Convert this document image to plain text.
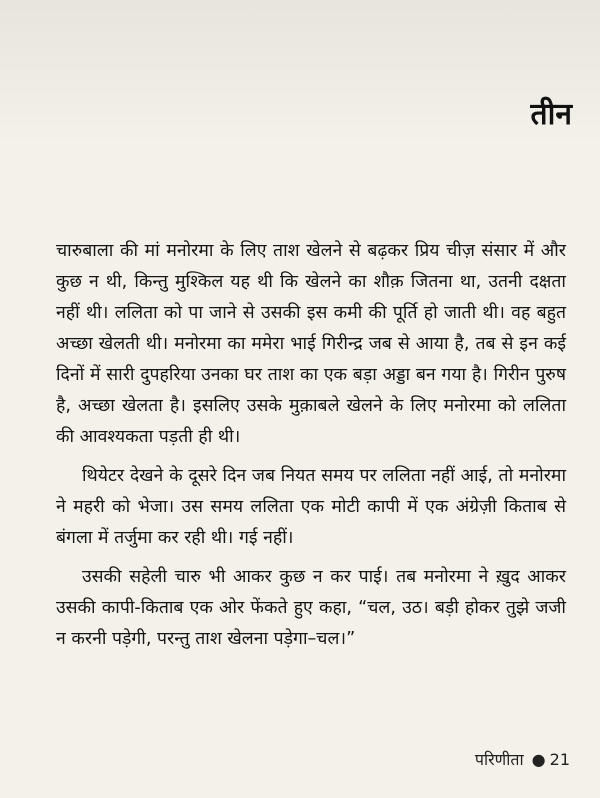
तीन

चारुबाला की मां मनोरमा के लिए ताश खेलने से बढ़कर प्रिय चीज़ संसार में और कुछ न थी, किन्तु मुश्किल यह थी कि खेलने का शौक़ जितना था, उतनी दक्षता नहीं थी। ललिता को पा जाने से उसकी इस कमी की पूर्ति हो जाती थी। वह बहुत अच्छा खेलती थी। मनोरमा का ममेरा भाई गिरीन्द्र जब से आया है, तब से इन कई दिनों में सारी दुपहरिया उनका घर ताश का एक बड़ा अड्डा बन गया है। गिरीन पुरुष है, अच्छा खेलता है। इसलिए उसके मुक़ाबले खेलने के लिए मनोरमा को ललिता की आवश्यकता पड़ती ही थी।

थियेटर देखने के दूसरे दिन जब नियत समय पर ललिता नहीं आई, तो मनोरमा ने महरी को भेजा। उस समय ललिता एक मोटी कापी में एक अंग्रेज़ी किताब से बंगला में तर्जुमा कर रही थी। गई नहीं।

उसकी सहेली चारु भी आकर कुछ न कर पाई। तब मनोरमा ने ख़ुद आकर उसकी कापी-किताब एक ओर फेंकते हुए कहा, “चल, उठ। बड़ी होकर तुझे जजी न करनी पड़ेगी, परन्तु ताश खेलना पड़ेगा–चल।”

परिणीता ● 21
